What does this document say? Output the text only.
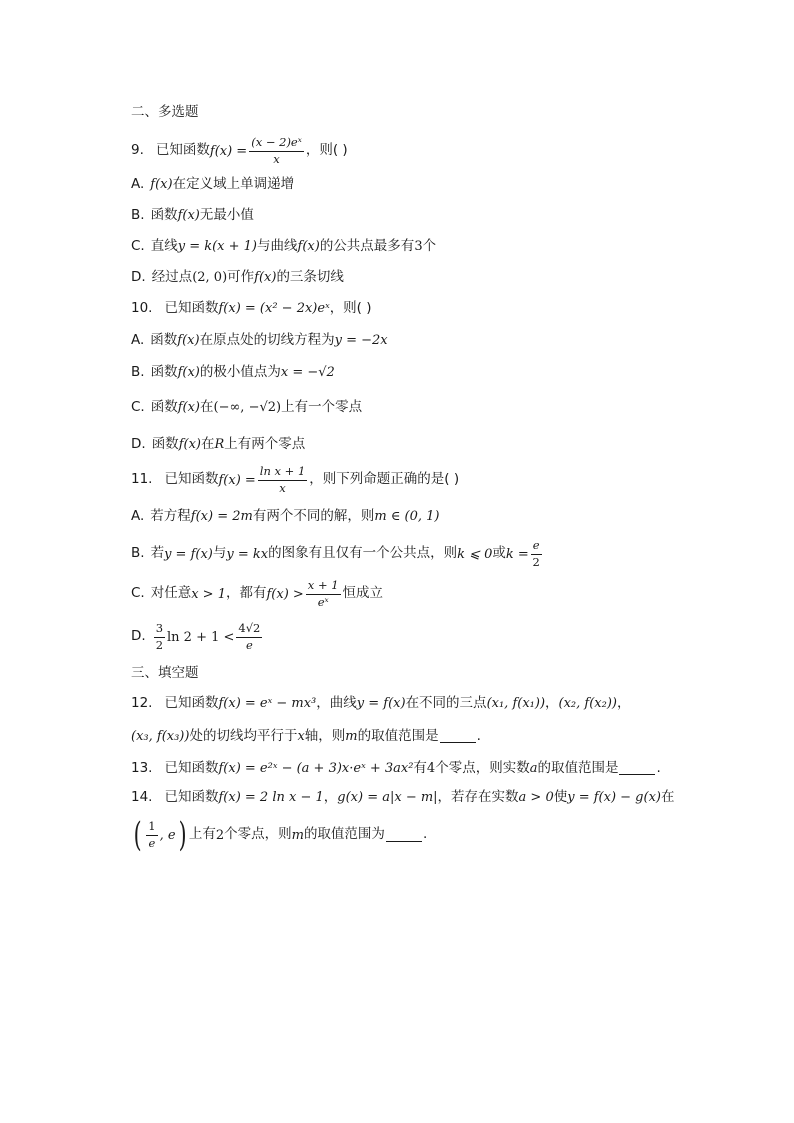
二、多选题
9. 已知函数 $f(x) = \frac{\text{(x − 2)eˣ}}{x}$ ，则( )
A. f(x) 在定义域上单调递增
B. 函数 f(x) 无最小值
C. 直线 y = k(x + 1) 与曲线 f(x) 的公共点最多有 3 个
D. 经过点 (2, 0) 可作 f(x) 的三条切线
10. 已知函数 f(x) = (x² − 2x)eˣ ，则( )
A. 函数 f(x) 在原点处的切线方程为 y = −2x
B. 函数 f(x) 的极小值点为 x = −√2
C. 函数 f(x) 在 (−∞, −√2) 上有一个零点
D. 函数 f(x) 在 R 上有两个零点
11. 已知函数 $f(x) = \frac{\text{ln x + 1}}{x}$ ，则下列命题正确的是( )
A. 若方程 f(x) = 2m 有两个不同的解，则 m ∈ (0, 1)
B. 若 y = f(x) 与 y = kx 的图象有且仅有一个公共点，则 k ⩽ 0 或 $k = \frac{e}{2}$
C. 对任意 x > 1 ，都有 $f(x) > \frac{x + 1}{\text{eˣ}}$ 恒成立
D. $\frac{3}{2}$ $\ln 2 + 1 < \frac{4√2}{e}$
三、填空题
12. 已知函数 f(x) = eˣ − mx³ ，曲线 y = f(x) 在不同的三点 (x₁, f(x₁)) ， (x₂, f(x₂)) ，
(x₃, f(x₃)) 处的切线均平行于 x 轴，则 m 的取值范围是	.
13. 已知函数 f(x) = e²ˣ − (a + 3)x·eˣ + 3ax² 有 4 个零点，则实数 a 的取值范围是	.
14. 已知函数 f(x) = 2 ln x − 1 ， g(x) = a|x − m| ，若存在实数 a > 0 使 y = f(x) − g(x) 在
( $\frac{1}{e}$ , e ) 上有 2 个零点，则 m 的取值范围为	.
